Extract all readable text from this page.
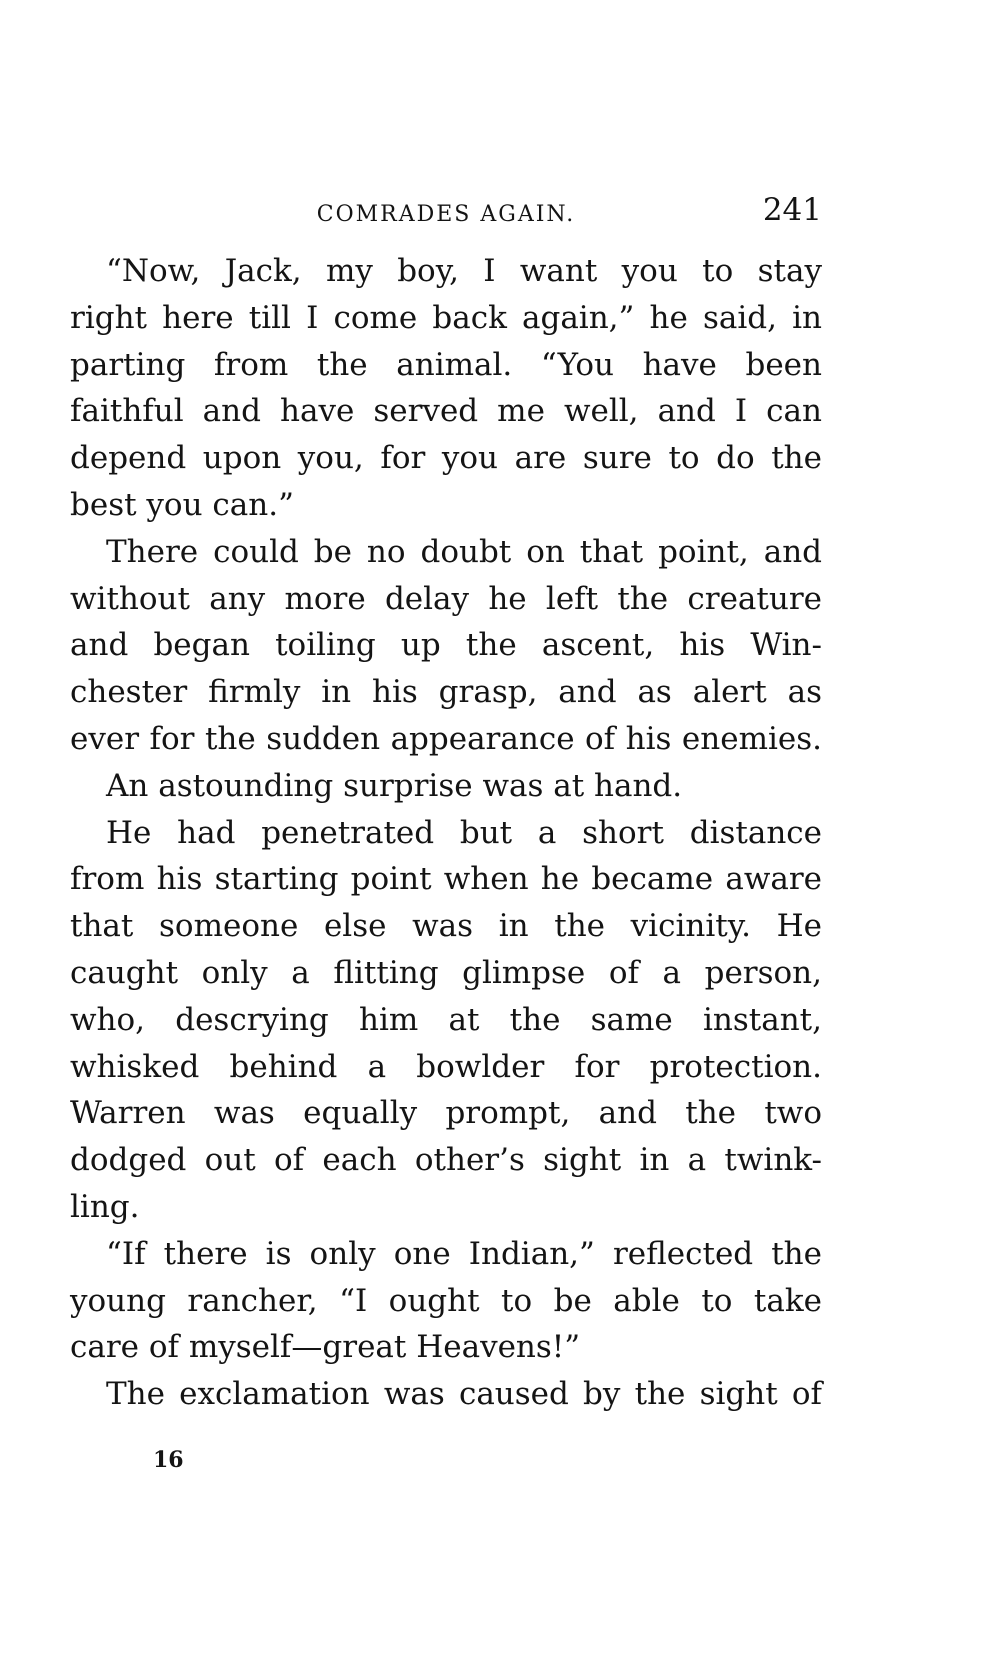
COMRADES AGAIN.	241
“Now, Jack, my boy, I want you to stay
right here till I come back again,” he said, in
parting from the animal. “You have been
faithful and have served me well, and I can
depend upon you, for you are sure to do the
best you can.”
There could be no doubt on that point, and
without any more delay he left the creature
and began toiling up the ascent, his Win-
chester firmly in his grasp, and as alert as
ever for the sudden appearance of his enemies.
An astounding surprise was at hand.
He had penetrated but a short distance
from his starting point when he became aware
that someone else was in the vicinity. He
caught only a flitting glimpse of a person,
who, descrying him at the same instant,
whisked behind a bowlder for protection.
Warren was equally prompt, and the two
dodged out of each other’s sight in a twink-
ling.
“If there is only one Indian,” reflected the
young rancher, “I ought to be able to take
care of myself—great Heavens!”
The exclamation was caused by the sight of
16
